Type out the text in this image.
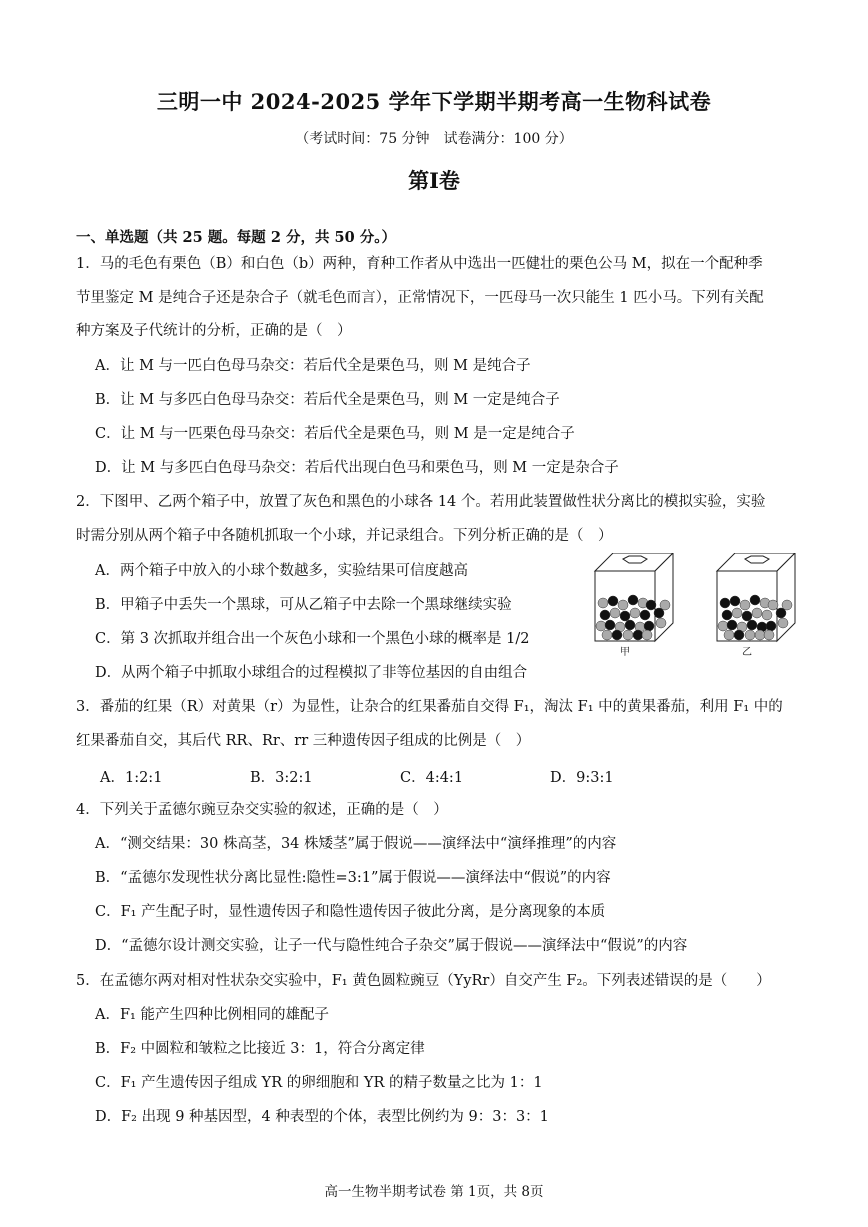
三明一中 2024-2025 学年下学期半期考高一生物科试卷
（考试时间：75 分钟　试卷满分：100 分）
第Ⅰ卷
一、单选题（共 25 题。每题 2 分，共 50 分。）
1．马的毛色有栗色（B）和白色（b）两种，育种工作者从中选出一匹健壮的栗色公马 M，拟在一个配种季
节里鉴定 M 是纯合子还是杂合子（就毛色而言），正常情况下，一匹母马一次只能生 1 匹小马。下列有关配
种方案及子代统计的分析，正确的是（　）
A．让 M 与一匹白色母马杂交：若后代全是栗色马，则 M 是纯合子
B．让 M 与多匹白色母马杂交：若后代全是栗色马，则 M 一定是纯合子
C．让 M 与一匹栗色母马杂交：若后代全是栗色马，则 M 是一定是纯合子
D．让 M 与多匹白色母马杂交：若后代出现白色马和栗色马，则 M 一定是杂合子
2．下图甲、乙两个箱子中，放置了灰色和黑色的小球各 14 个。若用此装置做性状分离比的模拟实验，实验
时需分别从两个箱子中各随机抓取一个小球，并记录组合。下列分析正确的是（　）
A．两个箱子中放入的小球个数越多，实验结果可信度越高
B．甲箱子中丢失一个黑球，可从乙箱子中去除一个黑球继续实验
C．第 3 次抓取并组合出一个灰色小球和一个黑色小球的概率是 1/2
D．从两个箱子中抓取小球组合的过程模拟了非等位基因的自由组合
甲	乙
3．番茄的红果（R）对黄果（r）为显性，让杂合的红果番茄自交得 F₁，淘汰 F₁ 中的黄果番茄，利用 F₁ 中的
红果番茄自交，其后代 RR、Rr、rr 三种遗传因子组成的比例是（　）
A．1:2:1	B．3:2:1	C．4:4:1	D．9:3:1
4．下列关于孟德尔豌豆杂交实验的叙述，正确的是（　）
A．“测交结果：30 株高茎，34 株矮茎”属于假说——演绎法中“演绎推理”的内容
B．“孟德尔发现性状分离比显性:隐性=3:1”属于假说——演绎法中“假说”的内容
C．F₁ 产生配子时，显性遗传因子和隐性遗传因子彼此分离，是分离现象的本质
D．“孟德尔设计测交实验，让子一代与隐性纯合子杂交”属于假说——演绎法中“假说”的内容
5．在孟德尔两对相对性状杂交实验中，F₁ 黄色圆粒豌豆（YyRr）自交产生 F₂。下列表述错误的是（　　）
A．F₁ 能产生四种比例相同的雄配子
B．F₂ 中圆粒和皱粒之比接近 3：1，符合分离定律
C．F₁ 产生遗传因子组成 YR 的卵细胞和 YR 的精子数量之比为 1：1
D．F₂ 出现 9 种基因型，4 种表型的个体，表型比例约为 9：3：3：1
高一生物半期考试卷 第 1页，共 8页
